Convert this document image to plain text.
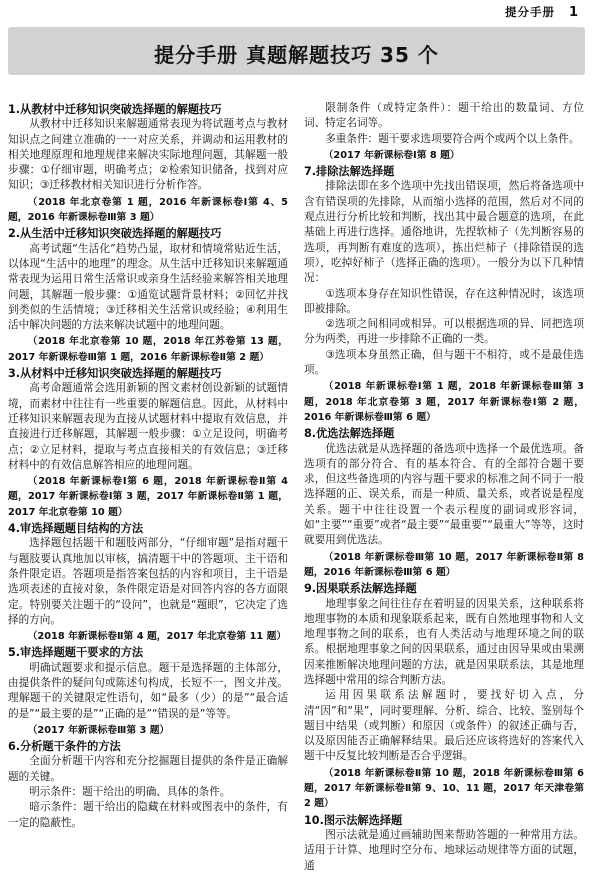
提分手册 1
提分手册 真题解题技巧 35 个
1.从教材中迁移知识突破选择题的解题技巧

从教材中迁移知识来解题通常表现为将试题考点与教材知识点之间建立准确的一一对应关系，并调动和运用教材的相关地理原理和地理规律来解决实际地理问题，其解题一般步骤：①仔细审题，明确考点；②检索知识储备，找到对应知识；③迁移教材相关知识进行分析作答。

（2018 年北京卷第 1 题，2016 年新课标卷Ⅰ第 4、5 题，2016 年新课标卷Ⅲ第 3 题）
2.从生活中迁移知识突破选择题的解题技巧

高考试题“生活化”趋势凸显，取材和情境常贴近生活，以体现“生活中的地理”的理念。从生活中迁移知识来解题通常表现为运用日常生活常识或亲身生活经验来解答相关地理问题，其解题一般步骤：①通览试题背景材料；②回忆并找到类似的生活情境；③迁移相关生活常识或经验；④利用生活中解决问题的方法来解决试题中的地理问题。

（2018 年北京卷第 10 题，2018 年江苏卷第 13 题，2017 年新课标卷Ⅲ第 1 题，2016 年新课标卷Ⅱ第 2 题）
3.从材料中迁移知识突破选择题的解题技巧

高考命题通常会选用新颖的图文素材创设新颖的试题情境，而素材中往往有一些重要的解题信息。因此，从材料中迁移知识来解题表现为直接从试题材料中提取有效信息，并直接进行迁移解题，其解题一般步骤：①立足设问，明确考点；②立足材料，提取与考点直接相关的有效信息；③迁移材料中的有效信息解答相应的地理问题。

（2018 年新课标卷Ⅰ第 6 题，2018 年新课标卷Ⅱ第 4 题，2017 年新课标卷Ⅰ第 3 题，2017 年新课标卷Ⅱ第 1 题，2017 年北京卷第 10 题）
4.审选择题题目结构的方法

选择题包括题干和题肢两部分，“仔细审题”是指对题干与题肢要认真地加以审核，搞清题干中的答题项、主干语和条件限定语。答题项是指答案包括的内容和项目，主干语是选项表述的直接对象，条件限定语是对回答内容的各方面限定。特别要关注题干的“设问”，也就是“题眼”，它决定了选择的方向。

（2018 年新课标卷Ⅱ第 4 题，2017 年北京卷第 11 题）
5.审选择题题干要求的方法

明确试题要求和提示信息。题干是选择题的主体部分，由提供条件的疑问句或陈述句构成，长短不一，图文并茂。理解题干的关键限定性语句，如“最多（少）的是”“最合适的是”“最主要的是”“正确的是”“错误的是”等等。

（2017 年新课标卷Ⅲ第 3 题）
6.分析题干条件的方法

全面分析题干内容和充分挖掘题目提供的条件是正确解题的关键。

明示条件：题干给出的明确、具体的条件。

暗示条件：题干给出的隐藏在材料或图表中的条件，有一定的隐蔽性。

限制条件（或特定条件）：题干给出的数量词、方位词、特定名词等。

多重条件：题干要求选项要符合两个或两个以上条件。

（2017 年新课标卷Ⅰ第 8 题）
7.排除法解选择题

排除法即在多个选项中先找出错误项，然后将备选项中含有错误项的先排除，从而缩小选择的范围，然后对不同的观点进行分析比较和判断，找出其中最合题意的选项，在此基础上再进行选择。通俗地讲，先捏软柿子（先判断容易的选项，再判断有难度的选项），拣出烂柿子（排除错误的选项），吃掉好柿子（选择正确的选项）。一般分为以下几种情况：

①选项本身存在知识性错误，存在这种情况时，该选项即被排除。

②选项之间相同或相异。可以根据选项的异、同把选项分为两类，再进一步排除不正确的一类。

③选项本身虽然正确，但与题干不相符，或不是最佳选项。

（2018 年新课标卷Ⅰ第 1 题，2018 年新课标卷Ⅲ第 3 题，2018 年北京卷第 3 题，2017 年新课标卷Ⅰ第 2 题，2016 年新课标卷Ⅲ第 6 题）
8.优选法解选择题

优选法就是从选择题的备选项中选择一个最优选项。备选项有的部分符合、有的基本符合、有的全部符合题干要求，但这些备选项的内容与题干要求的标准之间不同于一般选择题的正、误关系，而是一种质、量关系，或者说是程度关系。题干中往往设置一个表示程度的副词或形容词，如“主要”“重要”或者“最主要”“最重要”“最重大”等等，这时就要用到优选法。

（2018 年新课标卷Ⅲ第 10 题，2017 年新课标卷Ⅱ第 8 题，2016 年新课标卷Ⅲ第 6 题）
9.因果联系法解选择题

地理事象之间往往存在着明显的因果关系，这种联系将地理事物的本质和现象联系起来，既有自然地理事物和人文地理事物之间的联系，也有人类活动与地理环境之间的联系。根据地理事象之间的因果联系，通过由因导果或由果溯因来推断解决地理问题的方法，就是因果联系法，其是地理选择题中常用的综合判断方法。

运用因果联系法解题时，要找好切入点，分清“因”和“果”，同时要理解、分析、综合、比较、鉴别每个题目中结果（或判断）和原因（或条件）的叙述正确与否，以及原因能否正确解释结果。最后还应该将选好的答案代入题干中反复比较判断是否合乎逻辑。

（2018 年新课标卷Ⅱ第 10 题，2018 年新课标卷Ⅲ第 6 题，2017 年新课标卷Ⅱ第 9、10、11 题，2017 年天津卷第 2 题）
10.图示法解选择题

图示法就是通过画辅助图来帮助答题的一种常用方法。适用于计算、地理时空分布、地球运动规律等方面的试题，通
